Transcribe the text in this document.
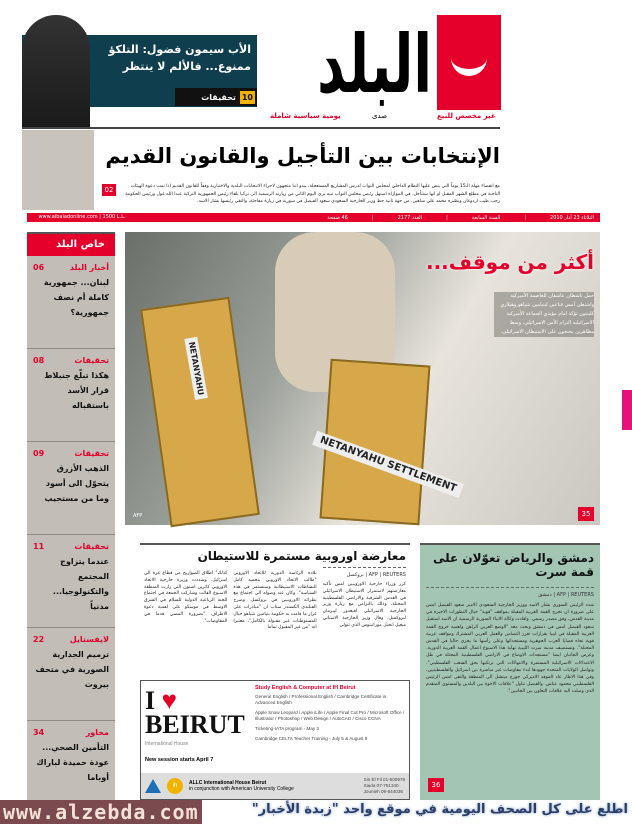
البلد
يومية سياسية شاملة	صدى	غير مخصص للبيع
الأب سيمون فضول: التلكؤ
ممنوع... فالألم لا ينتظر
10
تحقيقات
الإنتخابات بين التأجيل والقانون القديم
مع انقضاء مهلة الـ15 يوماً التي ينص عليها النظام الداخلي لمجلس النواب لدرس المشاريع المستعجلة، يبدو اننا متجهون لاجراء الانتخابات البلدية والاختيارية وفقاً للقانون القديم اذا تمت دعوة الهيئات الناخبة في مطلع الشهر المقبل او انها ستتأجل. في الموازاة استهل رئيس مجلس النواب نبيه بري اليوم الثاني من زيارته الرسمية الى تركيا بلقاء رئيس الجمهورية التركية عبدا الله غول ورئيس الحكومة رجب طيب اردوغان ونظيره محمد علي شاهين. من جهة ثانية حط وزير الخارجية السعودي سعود الفيصل في سورية في زيارة مفاجئة، والتقى رئيسها بشار الاسد.
02
الثلاثاء 23 آذار 2010
|
السنة السابعة
|
العدد 2177
|
46 صفحة
www.albaladonline.com | 1500 L.L.
خاص البلد
أخبار البلد
06
لبنان... جمهورية كاملة أم نصف جمهورية؟
تحقيقات
08
هكذا تبلّغ جنبلاط قرار الأسد باستقباله
تحقيقات
09
الذهب الأزرق يتحوّل الى أسود وما من مستجيب
تحقيقات
11
عندما يتزاوج المجتمع والتكنولوجيا... مدنياً
لايفستايل
22
ترميم الجدارية الصورية في متحف بيروت
محاور
34
التأمين الصحي... عودة حميدة لباراك أوباما
NETANYAHU
NETANYAHU SETTLEMENT
أكثر من موقف...
حمل ناشطان عاشقان للعاصمة الأميركية واشنطن أمس قناعين لبنيامين نتنياهو وهيلاري كلينتون تؤكد امام مؤيدي الجماعة الأميركية الاسرائيلية التزام الأمن الاسرائيلي، وسط مظاهرين يحتجون على الاستيطان الاسرائيلي.
AFP	35
دمشق والرياض تعوّلان على قمة سرت
AFP | REUTERS | دمشق
شدد الرئيس السوري بشار الاسد ووزير الخارجية السعودي الامير سعود الفيصل امس على ضرورة ان تخرج القمة العربية المقبلة بمواقف "قوية" حيال التطورات الاخيرة في مدينة القدس، وفق مصدر رسمي. وافادت وكالة الانباء السورية الرسمية ان الاسد استقبل سعود الفيصل امس في دمشق وبحث معه "الوضع العربي الراهن واهمية خروج القمة العربية المقبلة في ليبيا بقرارات تعزز التضامن والعمل العربي المشترك ومواقف عربية قوية تجاه قضايا العرب الجوهرية ومستجداتها وعلى رأسها ما يجري حاليا في القدس المحتلة". وتستضيف مدينة سرت الليبية نهاية هذا الاسبوع اعمال القمة العربية الدورية. وعرض الجانبان ايضا "مستجدات الاوضاع في الاراضي الفلسطينية المحتلة في ظل الاعتداءات الاسرائيلية المستمرة والانتهاكات التي ترتكبها بحق الشعب الفلسطيني". وتواصل الولايات المتحدة جهودها لبدء مفاوضات غير مباشرة بين اسرائيل والفلسطينيين، وفي هذا الاطار عاد الموفد الاميركي جورج ميتشل الى المنطقة والتقى امس الرئيس الفلسطيني محمود عباس. والفيصل تناول "علاقات الاخوة بين البلدين والمستوى المتقدم الذي وصلت اليه علاقات التعاون بين الجانبين".
36
معارضة اوروبية مستمرة للاستيطان
AFP | REUTERS | بروكسل
كرر وزراء خارجية الاوروبيين امس تأكيد معارضتهم لاستمرار الاستيطان الاسرائيلي في القدس الشرقية والاراضي الفلسطينية المحتلة، وذلك بالتزامن مع زيارة وزير الخارجية الاسرائيلي افيغدور ليبرمان لبروكسل. وقال وزير الخارجية الاسباني ميغيل انخيل موراتينوس الذي تتولى
بلاده الرئاسة الدورية للاتحاد الاوروبي "طالب الاتحاد الاوروبي بتجميد كامل للنشاطات الاستيطانية وسنستمر في هذه السياسة". وكان عند وصوله الى اجتماع مع نظرائه الاوروبيين في بروكسل. وصرح الفنلندي الكسندر ستاب ان "مبادرات على غرار ما قامت به حكومة بنيامين نتنياهو حيال المستوطنات غير مقبولة بالكامل"، معتبرا انه "من غير المقبول تماما
كذلك" اطلاق الصواريخ من قطاع غزة الى اسرائيل. وشددت وزيرة خارجية الاتحاد الاوروبي كاثرين اشتون التي زارت المنطقة الاسبوع الفائت وشاركت الجمعة في اجتماع للجنة الرباعية الدولية للسلام في الشرق الاوسط في موسكو على اهمية دعوة الاطراف "بضرورة المضي قدما في المفاوضات".
I ♥
BEIRUT
International House
New session starts April 7
Study English & Computer at IH Beirut

General English / Professional English / Cambridge Certificate in Advanced English

Apple Snow Leopard / Apple iLife / Apple Final Cut Pro / Microsoft Office / Illustrator / Photoshop / Web Design / AutoCAD / Cisco CCNA

Ticketing-IATA program - May 3

Cambridge CELTA Teacher Training - July 5 & August 9

ih	ALLC International House Beirut
in conjunction with American University College
Sin El Fil 01-500978
Saida 07-751340
Jounieh 09-644036
www.alzebda.com	اطلع على كل الصحف اليومية في موقع واحد "زبدة الأخبار"
